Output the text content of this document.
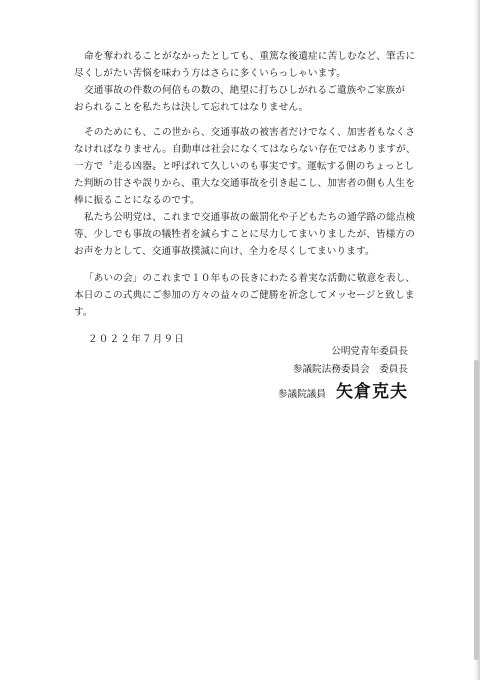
命を奪われることがなかったとしても、重篤な後遺症に苦しむなど、筆舌に
尽くしがたい苦悩を味わう方はさらに多くいらっしゃいます。
交通事故の件数の何倍もの数の、絶望に打ちひしがれるご遺族やご家族が
おられることを私たちは決して忘れてはなりません。
そのためにも、この世から、交通事故の被害者だけでなく、加害者もなくさ
なければなりません。自動車は社会になくてはならない存在ではありますが、
一方で〝走る凶器〟と呼ばれて久しいのも事実です。運転する側のちょっとし
た判断の甘さや誤りから、重大な交通事故を引き起こし、加害者の側も人生を
棒に振ることになるのです。
私たち公明党は、これまで交通事故の厳罰化や子どもたちの通学路の総点検
等、少しでも事故の犠牲者を減らすことに尽力してまいりましたが、皆様方の
お声を力として、交通事故撲滅に向け、全力を尽くしてまいります。
「あいの会」のこれまで１０年もの長きにわたる着実な活動に敬意を表し、
本日のこの式典にご参加の方々の益々のご健勝を祈念してメッセージと致しま
す。
２０２２年７月９日
公明党青年委員長
参議院法務委員会　委員長
参議院議員 矢倉克夫
